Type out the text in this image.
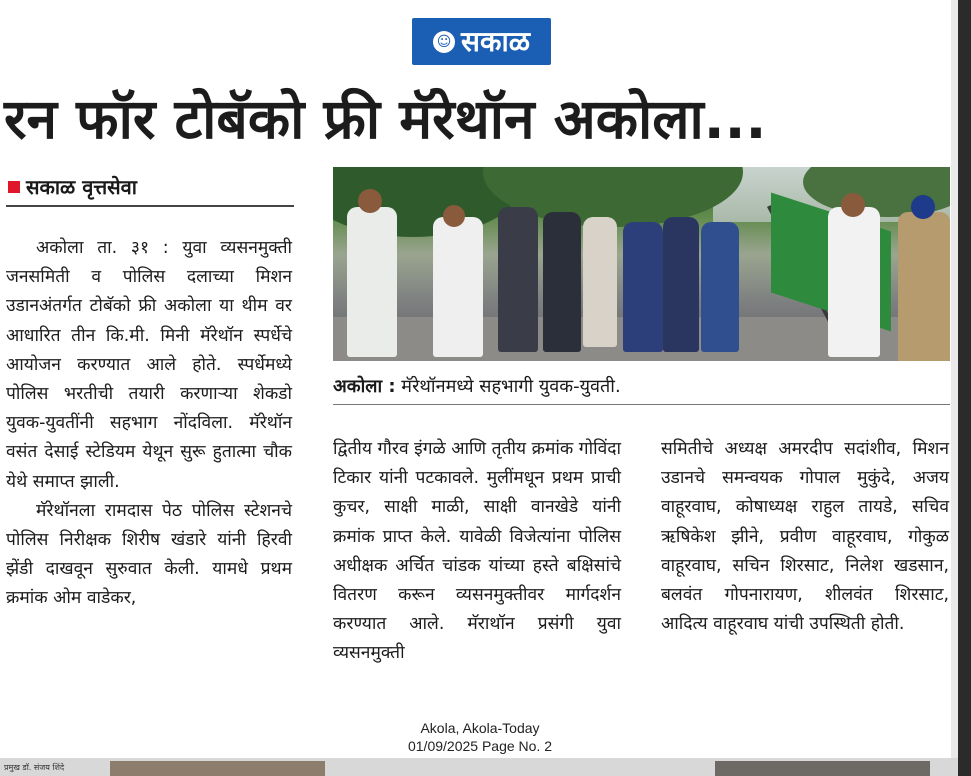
☺ सकाळ
रन फॉर टोबॅको फ्री मॅरेथॉन अकोला...
सकाळ वृत्तसेवा

अकोला ता. ३१ : युवा व्यसनमुक्ती जनसमिती व पोलिस दलाच्या मिशन उडानअंतर्गत टोबॅको फ्री अकोला या थीम वर आधारित तीन कि.मी. मिनी मॅरेथॉन स्पर्धेचे आयोजन करण्यात आले होते. स्पर्धेमध्ये पोलिस भरतीची तयारी करणाऱ्या शेकडो युवक-युवतींनी सहभाग नोंदविला. मॅरेथॉन वसंत देसाई स्टेडियम येथून सुरू हुतात्मा चौक येथे समाप्त झाली.

मॅरेथॉनला रामदास पेठ पोलिस स्टेशनचे पोलिस निरीक्षक शिरीष खंडारे यांनी हिरवी झेंडी दाखवून सुरुवात केली. यामधे प्रथम क्रमांक ओम वाडेकर,

अकोला : मॅरेथॉनमध्ये सहभागी युवक-युवती.

द्वितीय गौरव इंगळे आणि तृतीय क्रमांक गोविंदा टिकार यांनी पटकावले. मुलींमधून प्रथम प्राची कुचर, साक्षी माळी, साक्षी वानखेडे यांनी क्रमांक प्राप्त केले. यावेळी विजेत्यांना पोलिस अधीक्षक अर्चित चांडक यांच्या हस्ते बक्षिसांचे वितरण करून व्यसनमुक्तीवर मार्गदर्शन करण्यात आले. मॅराथॉन प्रसंगी युवा व्यसनमुक्ती

समितीचे अध्यक्ष अमरदीप सदांशीव, मिशन उडानचे समन्वयक गोपाल मुकुंदे, अजय वाहूरवाघ, कोषाध्यक्ष राहुल तायडे, सचिव ऋषिकेश झीने, प्रवीण वाहूरवाघ, गोकुळ वाहूरवाघ, सचिन शिरसाट, निलेश खडसान, बलवंत गोपनारायण, शीलवंत शिरसाट, आदित्य वाहूरवाघ यांची उपस्थिती होती.

Akola, Akola-Today
01/09/2025 Page No. 2
प्रमुख डॉ. संजय शिंदे
